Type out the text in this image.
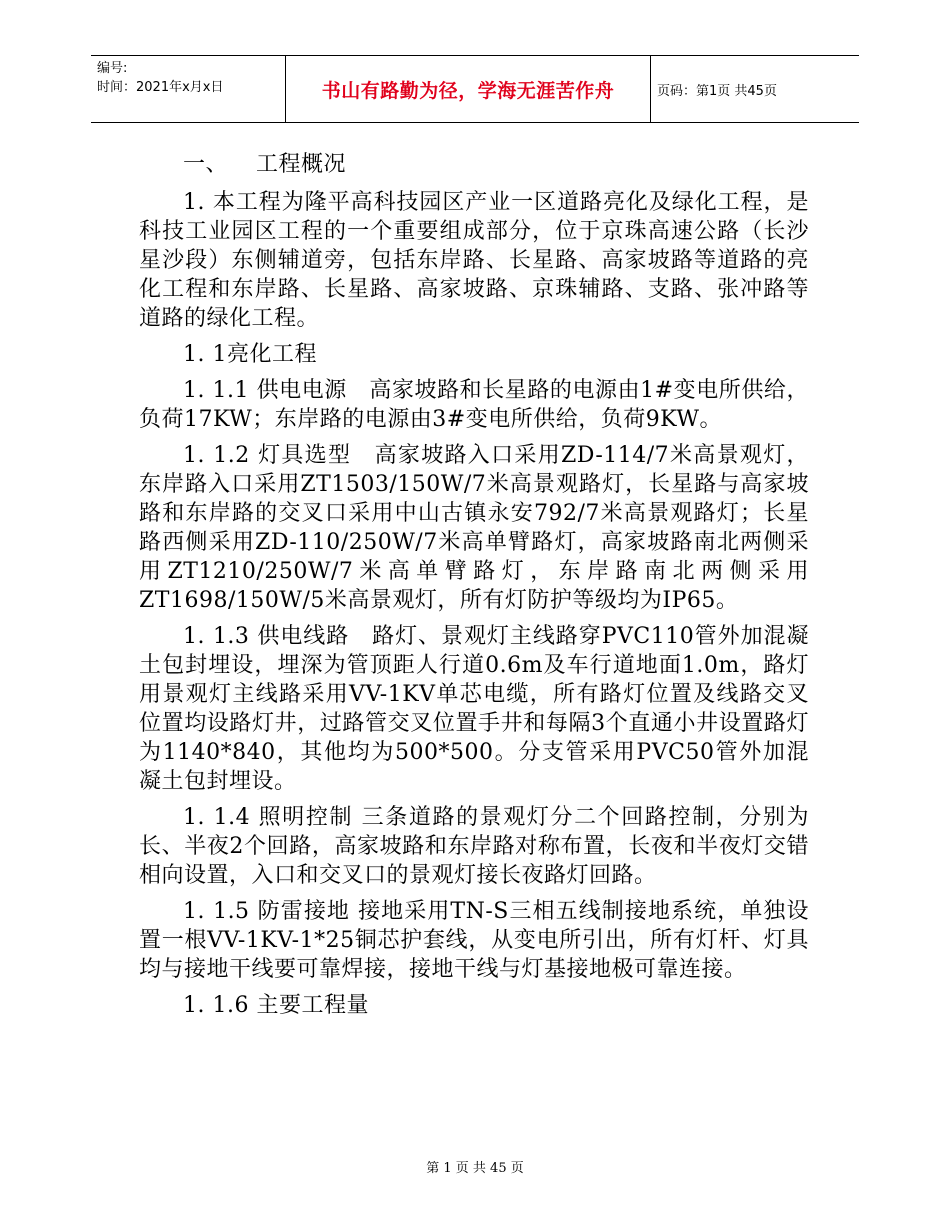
编号:
时间：2021年x月x日	书山有路勤为径，学海无涯苦作舟	页码：第1页 共45页

一、 工程概况

1. 本工程为隆平高科技园区产业一区道路亮化及绿化工程，是科技工业园区工程的一个重要组成部分，位于京珠高速公路（长沙星沙段）东侧辅道旁，包括东岸路、长星路、高家坡路等道路的亮化工程和东岸路、长星路、高家坡路、京珠辅路、支路、张冲路等道路的绿化工程。

1. 1亮化工程

1. 1.1 供电电源　高家坡路和长星路的电源由1#变电所供给，负荷17KW；东岸路的电源由3#变电所供给，负荷9KW。

1. 1.2 灯具选型　高家坡路入口采用ZD-114/7米高景观灯，东岸路入口采用ZT1503/150W/7米高景观路灯，长星路与高家坡路和东岸路的交叉口采用中山古镇永安792/7米高景观路灯；长星路西侧采用ZD-110/250W/7米高单臂路灯，高家坡路南北两侧采用ZT1210/250W/7米高单臂路灯，东岸路南北两侧采用ZT1698/150W/5米高景观灯，所有灯防护等级均为IP65。

1. 1.3 供电线路　路灯、景观灯主线路穿PVC110管外加混凝土包封埋设，埋深为管顶距人行道0.6m及车行道地面1.0m，路灯用景观灯主线路采用VV-1KV单芯电缆，所有路灯位置及线路交叉位置均设路灯井，过路管交叉位置手井和每隔3个直通小井设置路灯为1140*840，其他均为500*500。分支管采用PVC50管外加混凝土包封埋设。

1. 1.4 照明控制 三条道路的景观灯分二个回路控制，分别为长、半夜2个回路，高家坡路和东岸路对称布置，长夜和半夜灯交错相向设置，入口和交叉口的景观灯接长夜路灯回路。

1. 1.5 防雷接地 接地采用TN-S三相五线制接地系统，单独设置一根VV-1KV-1*25铜芯护套线，从变电所引出，所有灯杆、灯具均与接地干线要可靠焊接，接地干线与灯基接地极可靠连接。

1. 1.6 主要工程量

第 1 页 共 45 页
